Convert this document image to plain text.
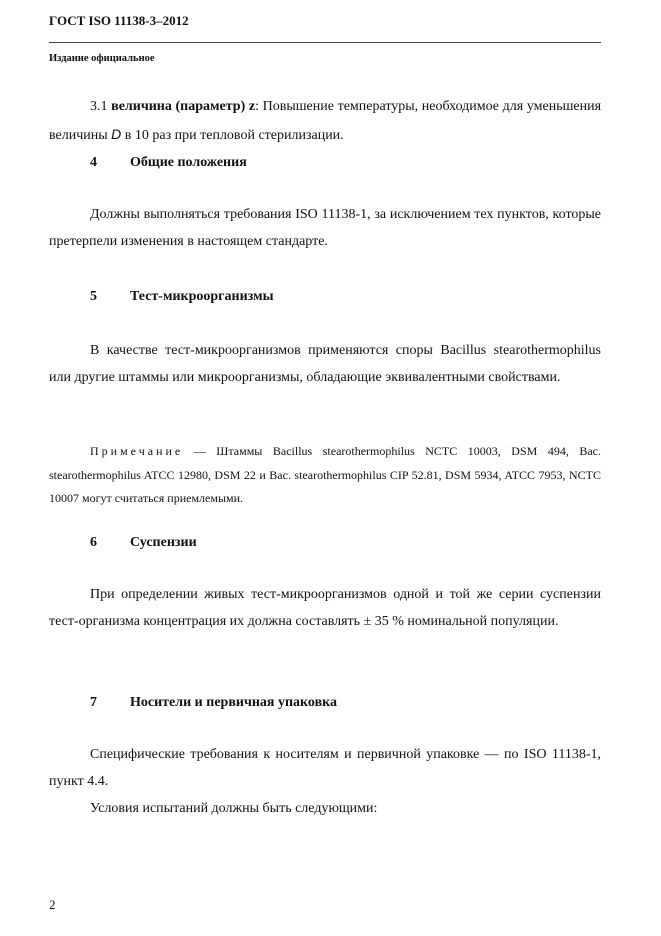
ГОСТ ISO 11138-3–2012
Издание официальное
3.1 величина (параметр) z: Повышение температуры, необходимое для уменьшения величины D в 10 раз при тепловой стерилизации.
4 Общие положения
Должны выполняться требования ISO 11138-1, за исключением тех пунктов, которые претерпели изменения в настоящем стандарте.
5 Тест-микроорганизмы
В качестве тест-микроорганизмов применяются споры Bacillus stearothermophilus или другие штаммы или микроорганизмы, обладающие эквивалентными свойствами.
Примечание — Штаммы Bacillus stearothermophilus NCTC 10003, DSM 494, Bac. stearothermophilus ATCC 12980, DSM 22 и Bac. stearothermophilus CIP 52.81, DSM 5934, ATCC 7953, NCTC 10007 могут считаться приемлемыми.
6 Суспензии
При определении живых тест-микроорганизмов одной и той же серии суспензии тест-организма концентрация их должна составлять ± 35 % номинальной популяции.
7 Носители и первичная упаковка
Специфические требования к носителям и первичной упаковке — по ISO 11138-1, пункт 4.4.
Условия испытаний должны быть следующими:
2
